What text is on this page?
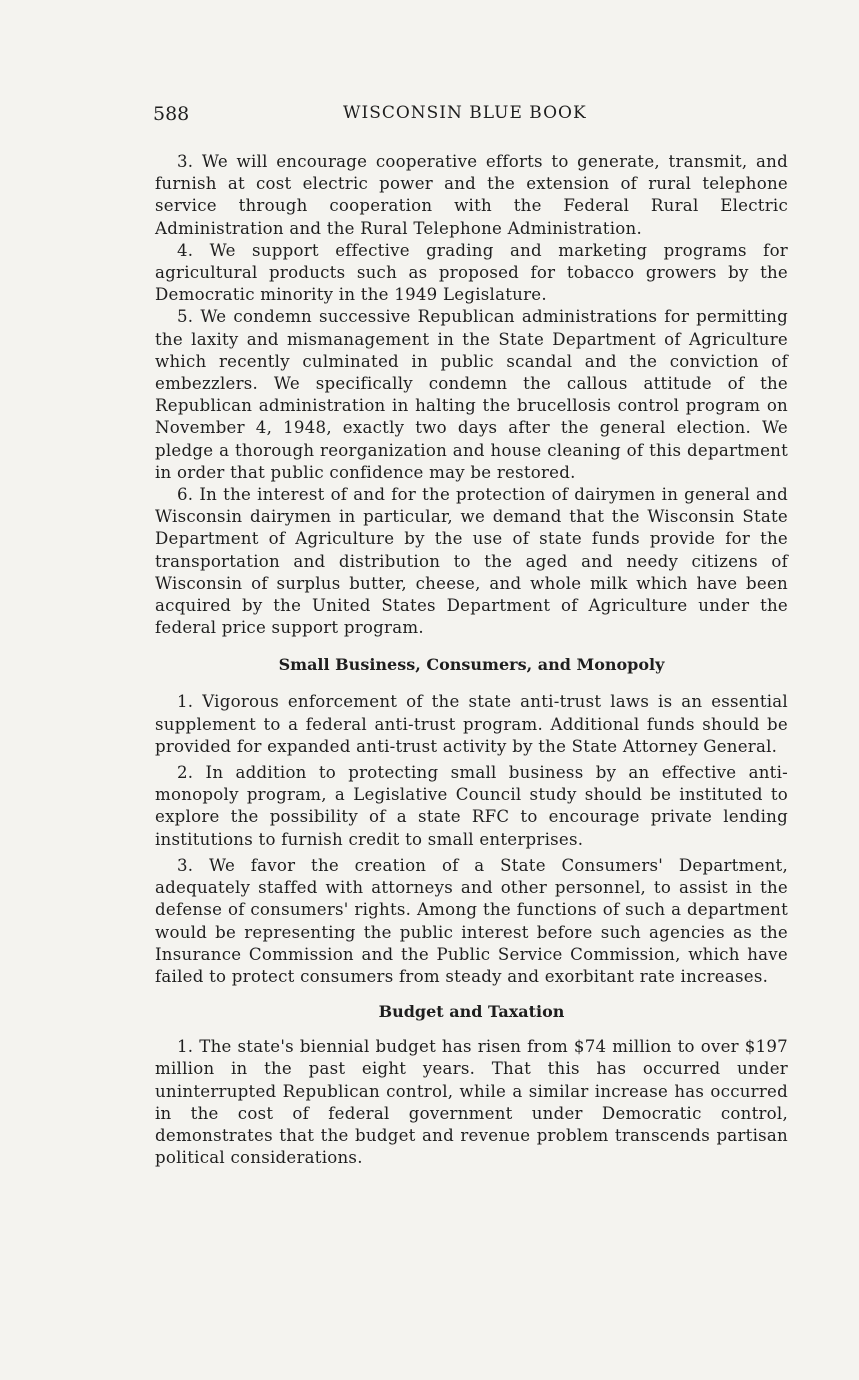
588	WISCONSIN BLUE BOOK

3. We will encourage cooperative efforts to generate, transmit, and furnish at cost electric power and the extension of rural telephone service through cooperation with the Federal Rural Electric Administration and the Rural Telephone Administration.

4. We support effective grading and marketing programs for agricultural products such as proposed for tobacco growers by the Democratic minority in the 1949 Legislature.

5. We condemn successive Republican administrations for permitting the laxity and mismanagement in the State Department of Agriculture which recently culminated in public scandal and the conviction of embezzlers. We specifically condemn the callous attitude of the Republican administration in halting the brucellosis control program on November 4, 1948, exactly two days after the general election. We pledge a thorough reorganization and house cleaning of this department in order that public confidence may be restored.

6. In the interest of and for the protection of dairymen in general and Wisconsin dairymen in particular, we demand that the Wisconsin State Department of Agriculture by the use of state funds provide for the transportation and distribution to the aged and needy citizens of Wisconsin of surplus butter, cheese, and whole milk which have been acquired by the United States Department of Agriculture under the federal price support program.

Small Business, Consumers, and Monopoly

1. Vigorous enforcement of the state anti-trust laws is an essential supplement to a federal anti-trust program. Additional funds should be provided for expanded anti-trust activity by the State Attorney General.

2. In addition to protecting small business by an effective anti-monopoly program, a Legislative Council study should be instituted to explore the possibility of a state RFC to encourage private lending institutions to furnish credit to small enterprises.

3. We favor the creation of a State Consumers' Department, adequately staffed with attorneys and other personnel, to assist in the defense of consumers' rights. Among the functions of such a department would be representing the public interest before such agencies as the Insurance Commission and the Public Service Commission, which have failed to protect consumers from steady and exorbitant rate increases.

Budget and Taxation

1. The state's biennial budget has risen from $74 million to over $197 million in the past eight years. That this has occurred under uninterrupted Republican control, while a similar increase has occurred in the cost of federal government under Democratic control, demonstrates that the budget and revenue problem transcends partisan political considerations.
